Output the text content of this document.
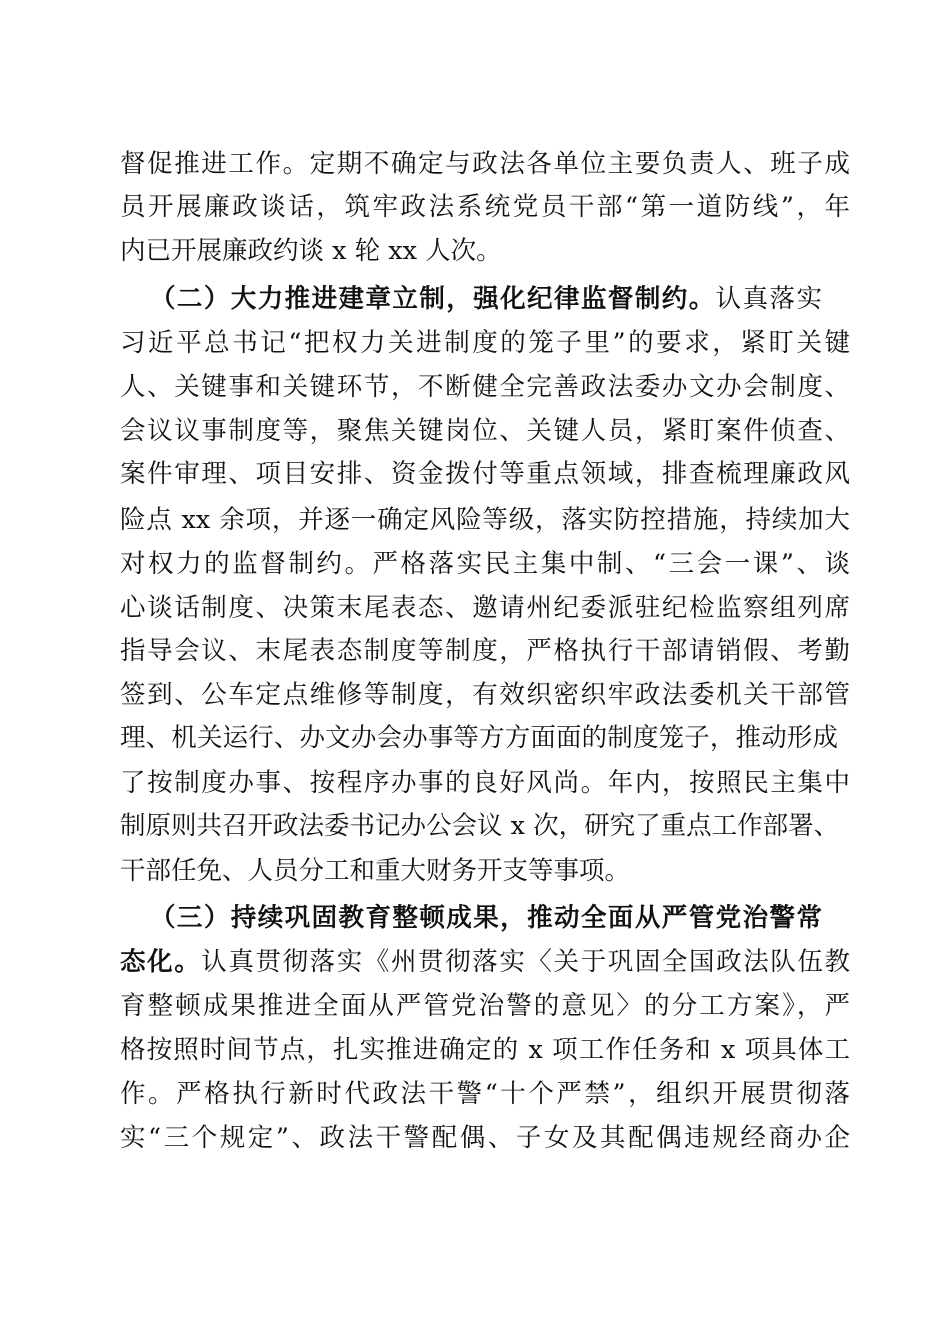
督促推进工作。定期不确定与政法各单位主要负责人、班子成
员开展廉政谈话，筑牢政法系统党员干部“第一道防线”，年
内已开展廉政约谈 x 轮 xx 人次。
（二）大力推进建章立制，强化纪律监督制约。认真落实
习近平总书记“把权力关进制度的笼子里”的要求，紧盯关键
人、关键事和关键环节，不断健全完善政法委办文办会制度、
会议议事制度等，聚焦关键岗位、关键人员，紧盯案件侦查、
案件审理、项目安排、资金拨付等重点领域，排查梳理廉政风
险点 xx 余项，并逐一确定风险等级，落实防控措施，持续加大
对权力的监督制约。严格落实民主集中制、“三会一课”、谈
心谈话制度、决策末尾表态、邀请州纪委派驻纪检监察组列席
指导会议、末尾表态制度等制度，严格执行干部请销假、考勤
签到、公车定点维修等制度，有效织密织牢政法委机关干部管
理、机关运行、办文办会办事等方方面面的制度笼子，推动形成
了按制度办事、按程序办事的良好风尚。年内，按照民主集中
制原则共召开政法委书记办公会议 x 次，研究了重点工作部署、
干部任免、人员分工和重大财务开支等事项。
（三）持续巩固教育整顿成果，推动全面从严管党治警常
态化。认真贯彻落实《州贯彻落实〈关于巩固全国政法队伍教
育整顿成果推进全面从严管党治警的意见〉的分工方案》，严
格按照时间节点，扎实推进确定的 x 项工作任务和 x 项具体工
作。严格执行新时代政法干警“十个严禁”，组织开展贯彻落
实“三个规定”、政法干警配偶、子女及其配偶违规经商办企
